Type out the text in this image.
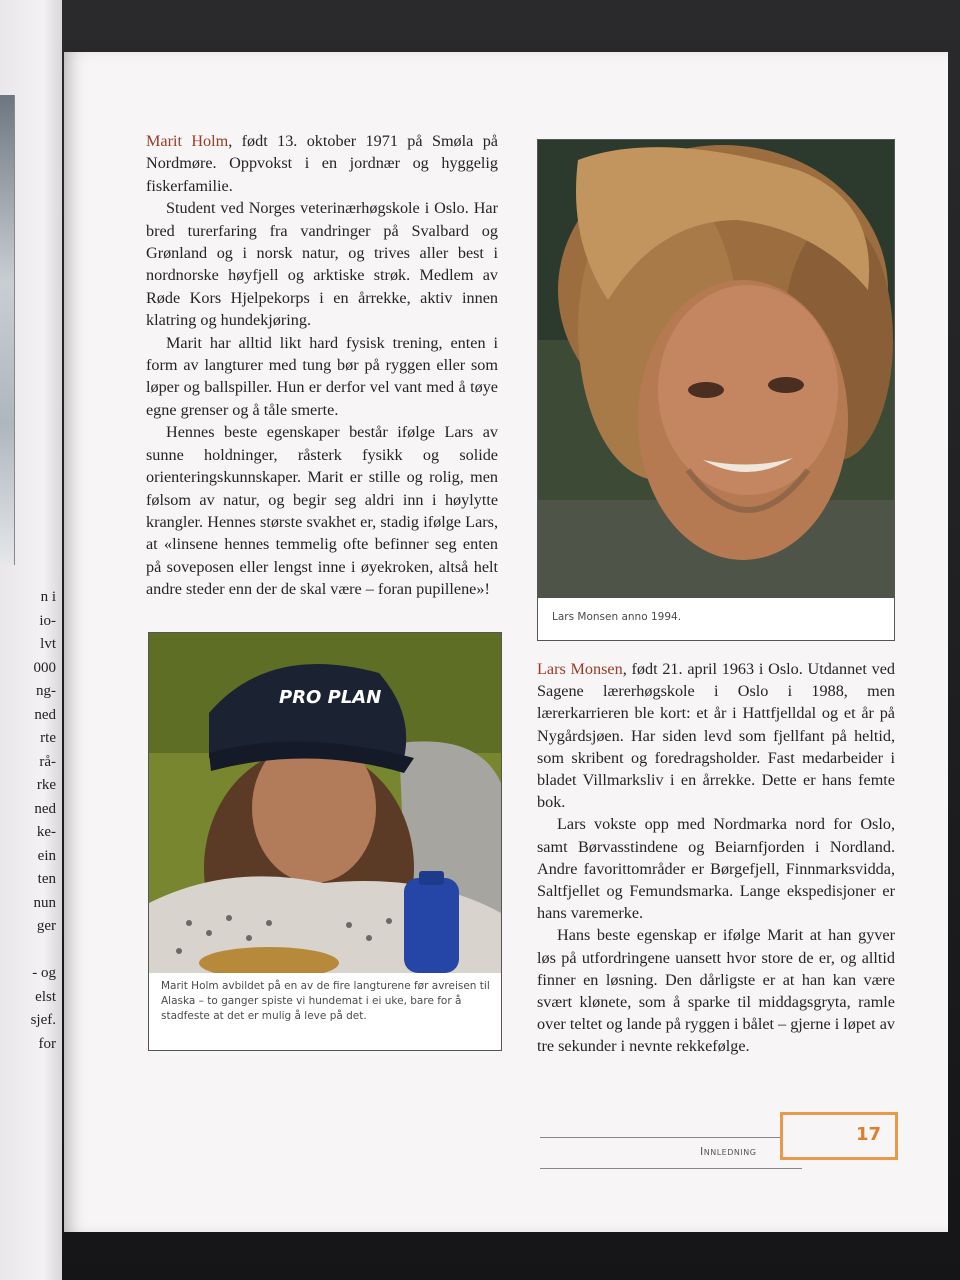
n i
io-
lvt
000
ng-
ned
rte
rå-
rke
ned
ke-
ein
ten
nun
ger
- og
elst
sjef.
for

Marit Holm, født 13. oktober 1971 på Smøla på Nordmøre. Oppvokst i en jordnær og hyggelig fiskerfamilie.

Student ved Norges veterinærhøgskole i Oslo. Har bred turerfaring fra vandringer på Svalbard og Grønland og i norsk natur, og trives aller best i nordnorske høyfjell og arktiske strøk. Medlem av Røde Kors Hjelpekorps i en årrekke, aktiv innen klatring og hundekjøring.

Marit har alltid likt hard fysisk trening, enten i form av langturer med tung bør på ryggen eller som løper og ballspiller. Hun er derfor vel vant med å tøye egne grenser og å tåle smerte.

Hennes beste egenskaper består ifølge Lars av sunne holdninger, råsterk fysikk og solide orienteringskunnskaper. Marit er stille og rolig, men følsom av natur, og begir seg aldri inn i høylytte krangler. Hennes største svakhet er, stadig ifølge Lars, at «linsene hennes temmelig ofte befinner seg enten på soveposen eller lengst inne i øyekroken, altså helt andre steder enn der de skal være – foran pupillene»!

Lars Monsen anno 1994.
PRO PLAN
Marit Holm avbildet på en av de fire langturene før avreisen til Alaska – to ganger spiste vi hundemat i ei uke, bare for å stadfeste at det er mulig å leve på det.

Lars Monsen, født 21. april 1963 i Oslo. Utdannet ved Sagene lærerhøgskole i Oslo i 1988, men lærerkarrieren ble kort: et år i Hattfjelldal og et år på Nygårdsjøen. Har siden levd som fjellfant på heltid, som skribent og foredragsholder. Fast medarbeider i bladet Villmarksliv i en årrekke. Dette er hans femte bok.

Lars vokste opp med Nordmarka nord for Oslo, samt Børvasstindene og Beiarnfjorden i Nordland. Andre favorittområder er Børgefjell, Finnmarksvidda, Saltfjellet og Femundsmarka. Lange ekspedisjoner er hans varemerke.

Hans beste egenskap er ifølge Marit at han gyver løs på utfordringene uansett hvor store de er, og alltid finner en løsning. Den dårligste er at han kan være svært klønete, som å sparke til middagsgryta, ramle over teltet og lande på ryggen i bålet – gjerne i løpet av tre sekunder i nevnte rekkefølge.

Innledning
17
